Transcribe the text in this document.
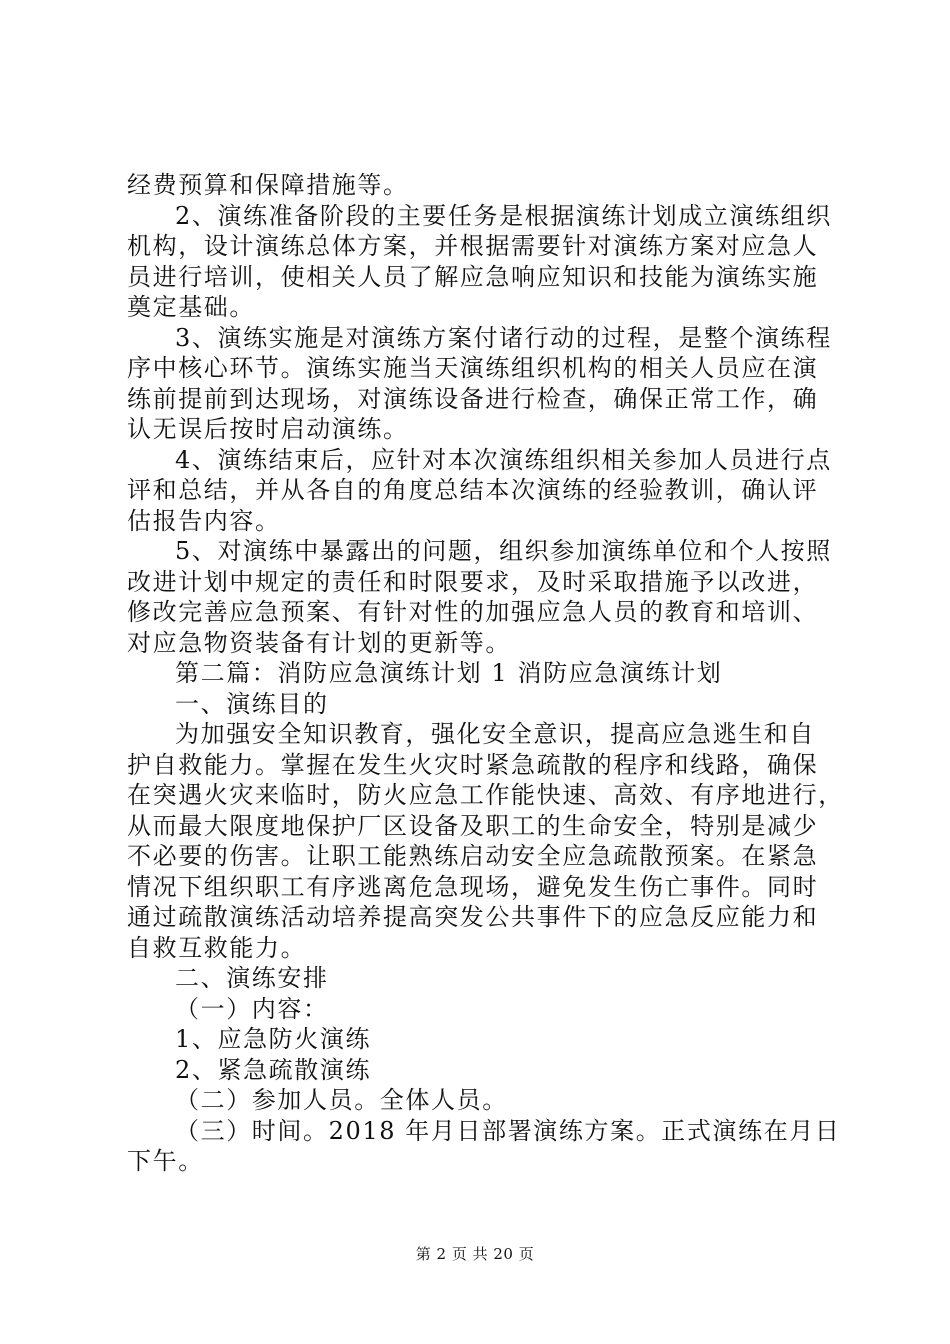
经费预算和保障措施等。
2、演练准备阶段的主要任务是根据演练计划成立演练组织
机构，设计演练总体方案，并根据需要针对演练方案对应急人
员进行培训，使相关人员了解应急响应知识和技能为演练实施
奠定基础。
3、演练实施是对演练方案付诸行动的过程，是整个演练程
序中核心环节。演练实施当天演练组织机构的相关人员应在演
练前提前到达现场，对演练设备进行检查，确保正常工作，确
认无误后按时启动演练。
4、演练结束后，应针对本次演练组织相关参加人员进行点
评和总结，并从各自的角度总结本次演练的经验教训，确认评
估报告内容。
5、对演练中暴露出的问题，组织参加演练单位和个人按照
改进计划中规定的责任和时限要求，及时采取措施予以改进，
修改完善应急预案、有针对性的加强应急人员的教育和培训、
对应急物资装备有计划的更新等。
第二篇：消防应急演练计划 1 消防应急演练计划
一、演练目的
为加强安全知识教育，强化安全意识，提高应急逃生和自
护自救能力。掌握在发生火灾时紧急疏散的程序和线路，确保
在突遇火灾来临时，防火应急工作能快速、高效、有序地进行，
从而最大限度地保护厂区设备及职工的生命安全，特别是减少
不必要的伤害。让职工能熟练启动安全应急疏散预案。在紧急
情况下组织职工有序逃离危急现场，避免发生伤亡事件。同时
通过疏散演练活动培养提高突发公共事件下的应急反应能力和
自救互救能力。
二、演练安排
（一）内容：
1、应急防火演练
2、紧急疏散演练
（二）参加人员。全体人员。
（三）时间。2018 年月日部署演练方案。正式演练在月日
下午。
第 2 页 共 20 页
